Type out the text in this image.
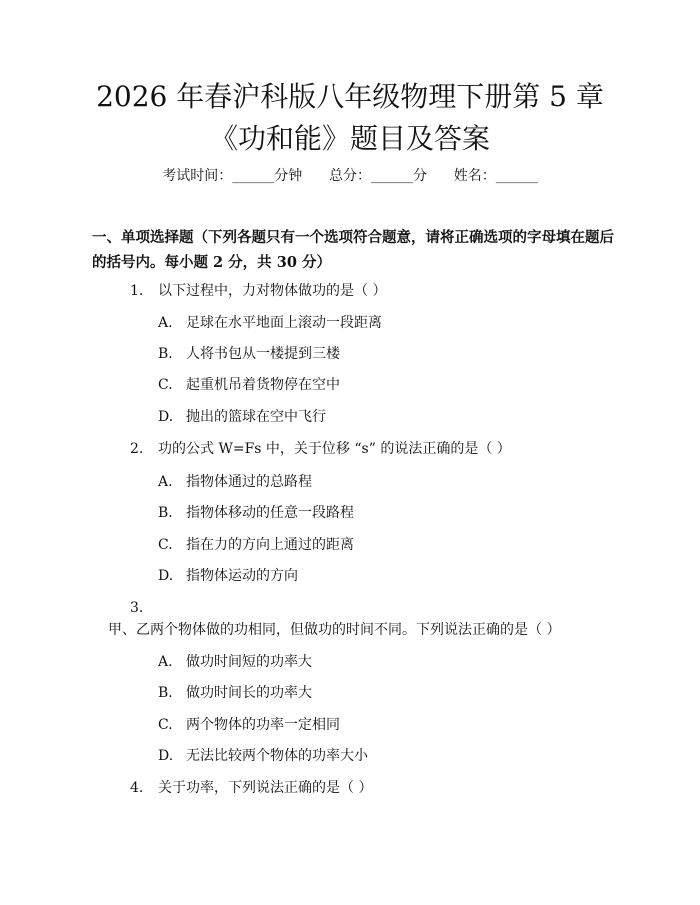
2026 年春沪科版八年级物理下册第 5 章《功和能》题目及答案
考试时间：______分钟 总分：______分 姓名：______

一、单项选择题（下列各题只有一个选项符合题意，请将正确选项的字母填在题后的括号内。每小题 2 分，共 30 分）

1. 以下过程中，力对物体做功的是（ ）
A. 足球在水平地面上滚动一段距离
B. 人将书包从一楼提到三楼
C. 起重机吊着货物停在空中
D. 抛出的篮球在空中飞行
2. 功的公式 W=Fs 中，关于位移 “s” 的说法正确的是（ ）
A. 指物体通过的总路程
B. 指物体移动的任意一段路程
C. 指在力的方向上通过的距离
D. 指物体运动的方向
3.甲、乙两个物体做的功相同，但做功的时间不同。下列说法正确的是（ ）
A. 做功时间短的功率大
B. 做功时间长的功率大
C. 两个物体的功率一定相同
D. 无法比较两个物体的功率大小
4. 关于功率，下列说法正确的是（ ）
